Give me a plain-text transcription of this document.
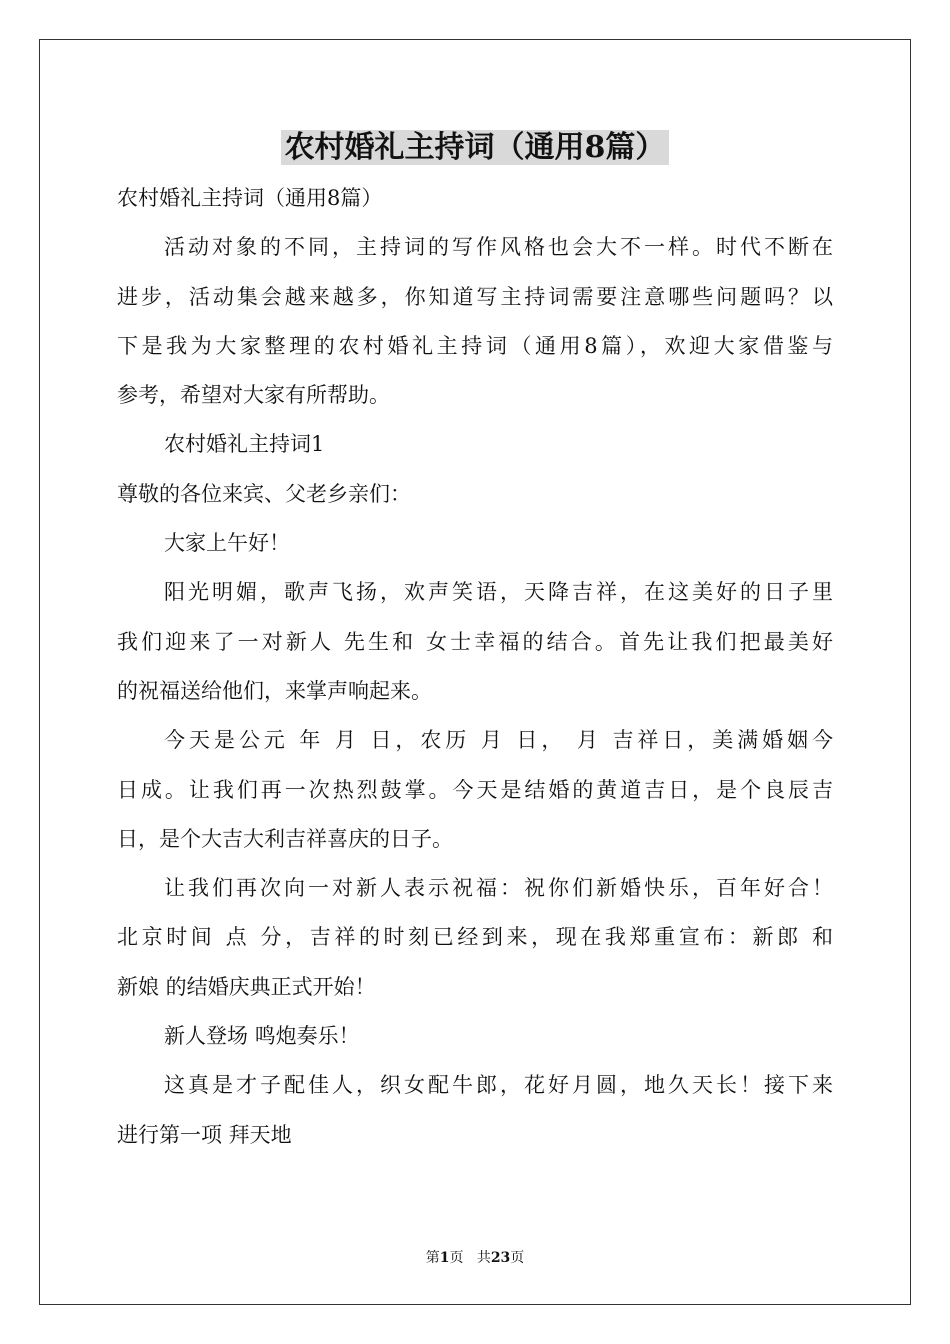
农村婚礼主持词（通用8篇）
农村婚礼主持词（通用8篇）
活动对象的不同，主持词的写作风格也会大不一样。时代不断在
进步，活动集会越来越多，你知道写主持词需要注意哪些问题吗？以
下是我为大家整理的农村婚礼主持词（通用8篇），欢迎大家借鉴与
参考，希望对大家有所帮助。
农村婚礼主持词1
尊敬的各位来宾、父老乡亲们：
大家上午好！
阳光明媚，歌声飞扬，欢声笑语，天降吉祥，在这美好的日子里
我们迎来了一对新人 先生和 女士幸福的结合。首先让我们把最美好
的祝福送给他们，来掌声响起来。
今天是公元 年 月 日，农历 月 日， 月 吉祥日，美满婚姻今
日成。让我们再一次热烈鼓掌。今天是结婚的黄道吉日，是个良辰吉
日，是个大吉大利吉祥喜庆的日子。
让我们再次向一对新人表示祝福：祝你们新婚快乐，百年好合！
北京时间 点 分，吉祥的时刻已经到来，现在我郑重宣布：新郎 和
新娘 的结婚庆典正式开始！
新人登场 鸣炮奏乐！
这真是才子配佳人，织女配牛郎，花好月圆，地久天长！接下来
进行第一项 拜天地
第1页 共23页
